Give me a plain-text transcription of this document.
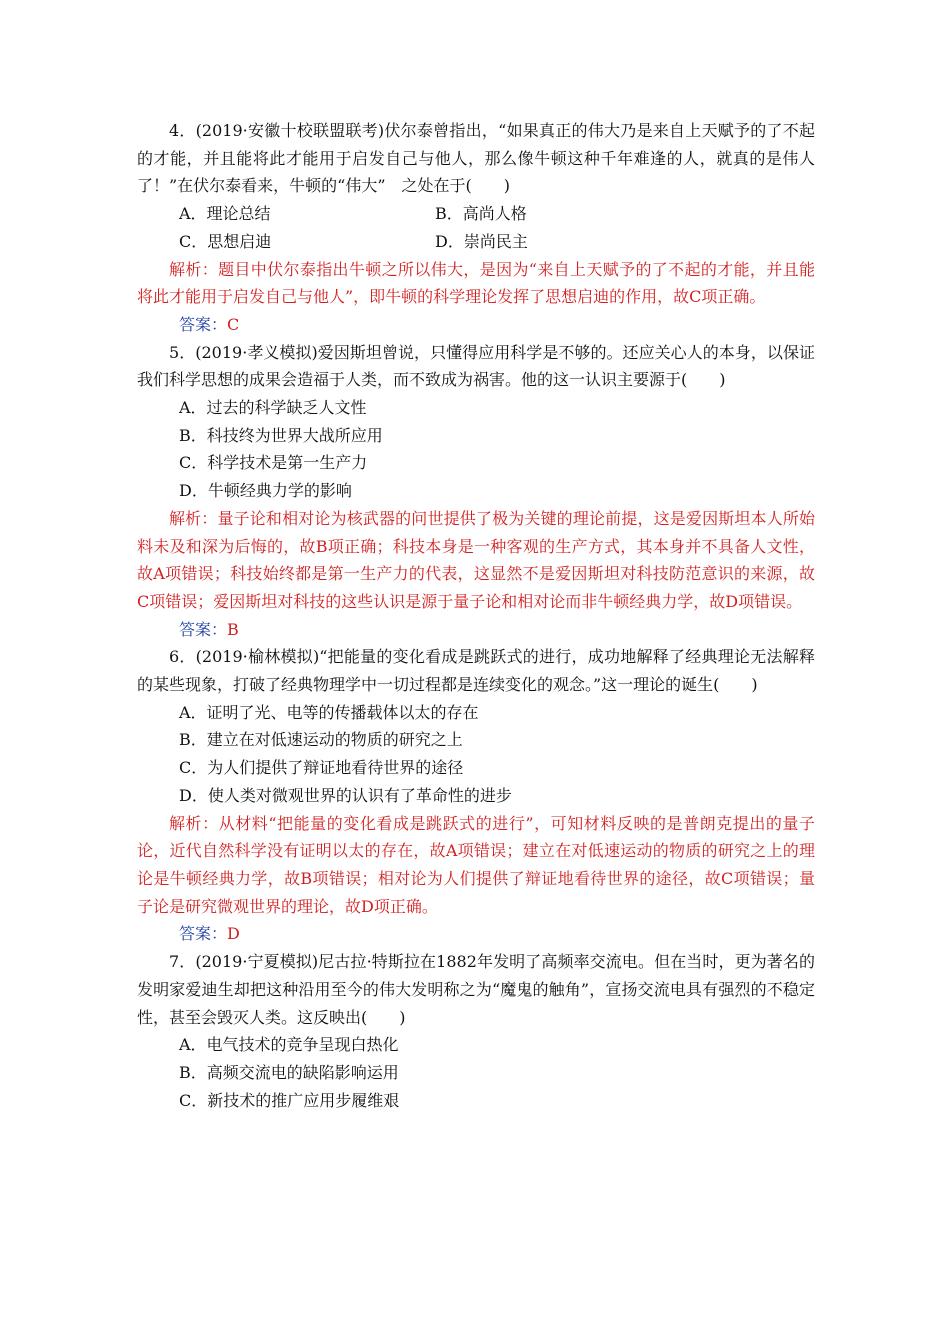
4．(2019·安徽十校联盟联考)伏尔泰曾指出，“如果真正的伟大乃是来自上天赋予的了不起的才能，并且能将此才能用于启发自己与他人，那么像牛顿这种千年难逢的人，就真的是伟人了！”在伏尔泰看来，牛顿的“伟大”　之处在于(　　)

A．理论总结	B．高尚人格
C．思想启迪	D．崇尚民主

解析：题目中伏尔泰指出牛顿之所以伟大，是因为“来自上天赋予的了不起的才能，并且能将此才能用于启发自己与他人”，即牛顿的科学理论发挥了思想启迪的作用，故C项正确。

答案：C

5．(2019·孝义模拟)爱因斯坦曾说，只懂得应用科学是不够的。还应关心人的本身，以保证我们科学思想的成果会造福于人类，而不致成为祸害。他的这一认识主要源于(　　)

A．过去的科学缺乏人文性

B．科技终为世界大战所应用

C．科学技术是第一生产力

D．牛顿经典力学的影响

解析：量子论和相对论为核武器的问世提供了极为关键的理论前提，这是爱因斯坦本人所始料未及和深为后悔的，故B项正确；科技本身是一种客观的生产方式，其本身并不具备人文性，故A项错误；科技始终都是第一生产力的代表，这显然不是爱因斯坦对科技防范意识的来源，故C项错误；爱因斯坦对科技的这些认识是源于量子论和相对论而非牛顿经典力学，故D项错误。

答案：B

6．(2019·榆林模拟)“把能量的变化看成是跳跃式的进行，成功地解释了经典理论无法解释的某些现象，打破了经典物理学中一切过程都是连续变化的观念。”这一理论的诞生(　　)

A．证明了光、电等的传播载体以太的存在

B．建立在对低速运动的物质的研究之上

C．为人们提供了辩证地看待世界的途径

D．使人类对微观世界的认识有了革命性的进步

解析：从材料“把能量的变化看成是跳跃式的进行”，可知材料反映的是普朗克提出的量子论，近代自然科学没有证明以太的存在，故A项错误；建立在对低速运动的物质的研究之上的理论是牛顿经典力学，故B项错误；相对论为人们提供了辩证地看待世界的途径，故C项错误；量子论是研究微观世界的理论，故D项正确。

答案：D

7．(2019·宁夏模拟)尼古拉·特斯拉在1882年发明了高频率交流电。但在当时，更为著名的发明家爱迪生却把这种沿用至今的伟大发明称之为“魔鬼的触角”，宣扬交流电具有强烈的不稳定性，甚至会毁灭人类。这反映出(　　)

A．电气技术的竞争呈现白热化

B．高频交流电的缺陷影响运用

C．新技术的推广应用步履维艰
